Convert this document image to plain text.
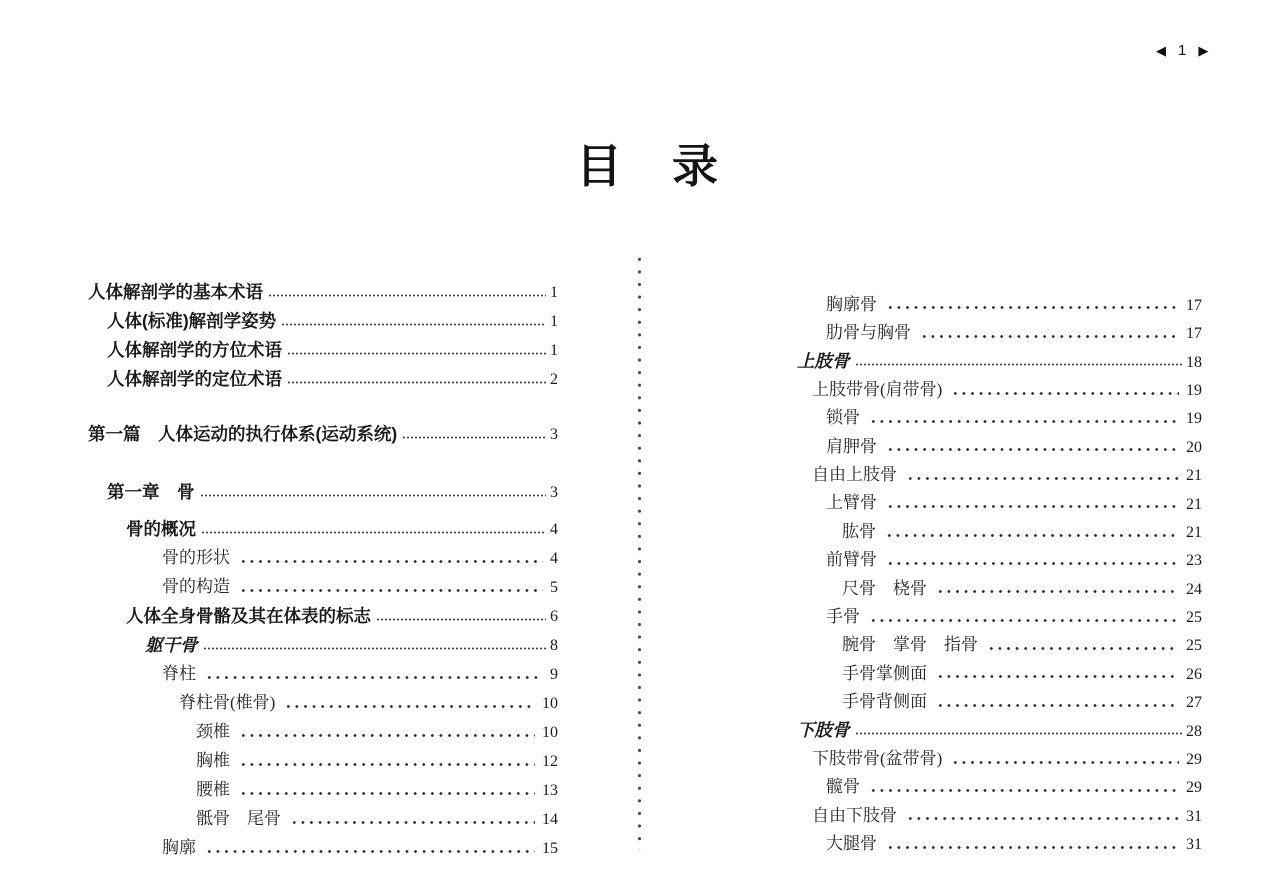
◀ 1 ▶
目　录
人体解剖学的基本术语	1
人体(标准)解剖学姿势	1
人体解剖学的方位术语	1
人体解剖学的定位术语	2
第一篇　人体运动的执行体系(运动系统)	3
第一章　骨	3
骨的概况	4
骨的形状	4
骨的构造	5
人体全身骨骼及其在体表的标志	6
躯干骨	8
脊柱	9
脊柱骨(椎骨)	10
颈椎	10
胸椎	12
腰椎	13
骶骨　尾骨	14
胸廓	15
胸廓骨	17
肋骨与胸骨	17
上肢骨	18
上肢带骨(肩带骨)	19
锁骨	19
肩胛骨	20
自由上肢骨	21
上臂骨	21
肱骨	21
前臂骨	23
尺骨　桡骨	24
手骨	25
腕骨　掌骨　指骨	25
手骨掌侧面	26
手骨背侧面	27
下肢骨	28
下肢带骨(盆带骨)	29
髋骨	29
自由下肢骨	31
大腿骨	31
